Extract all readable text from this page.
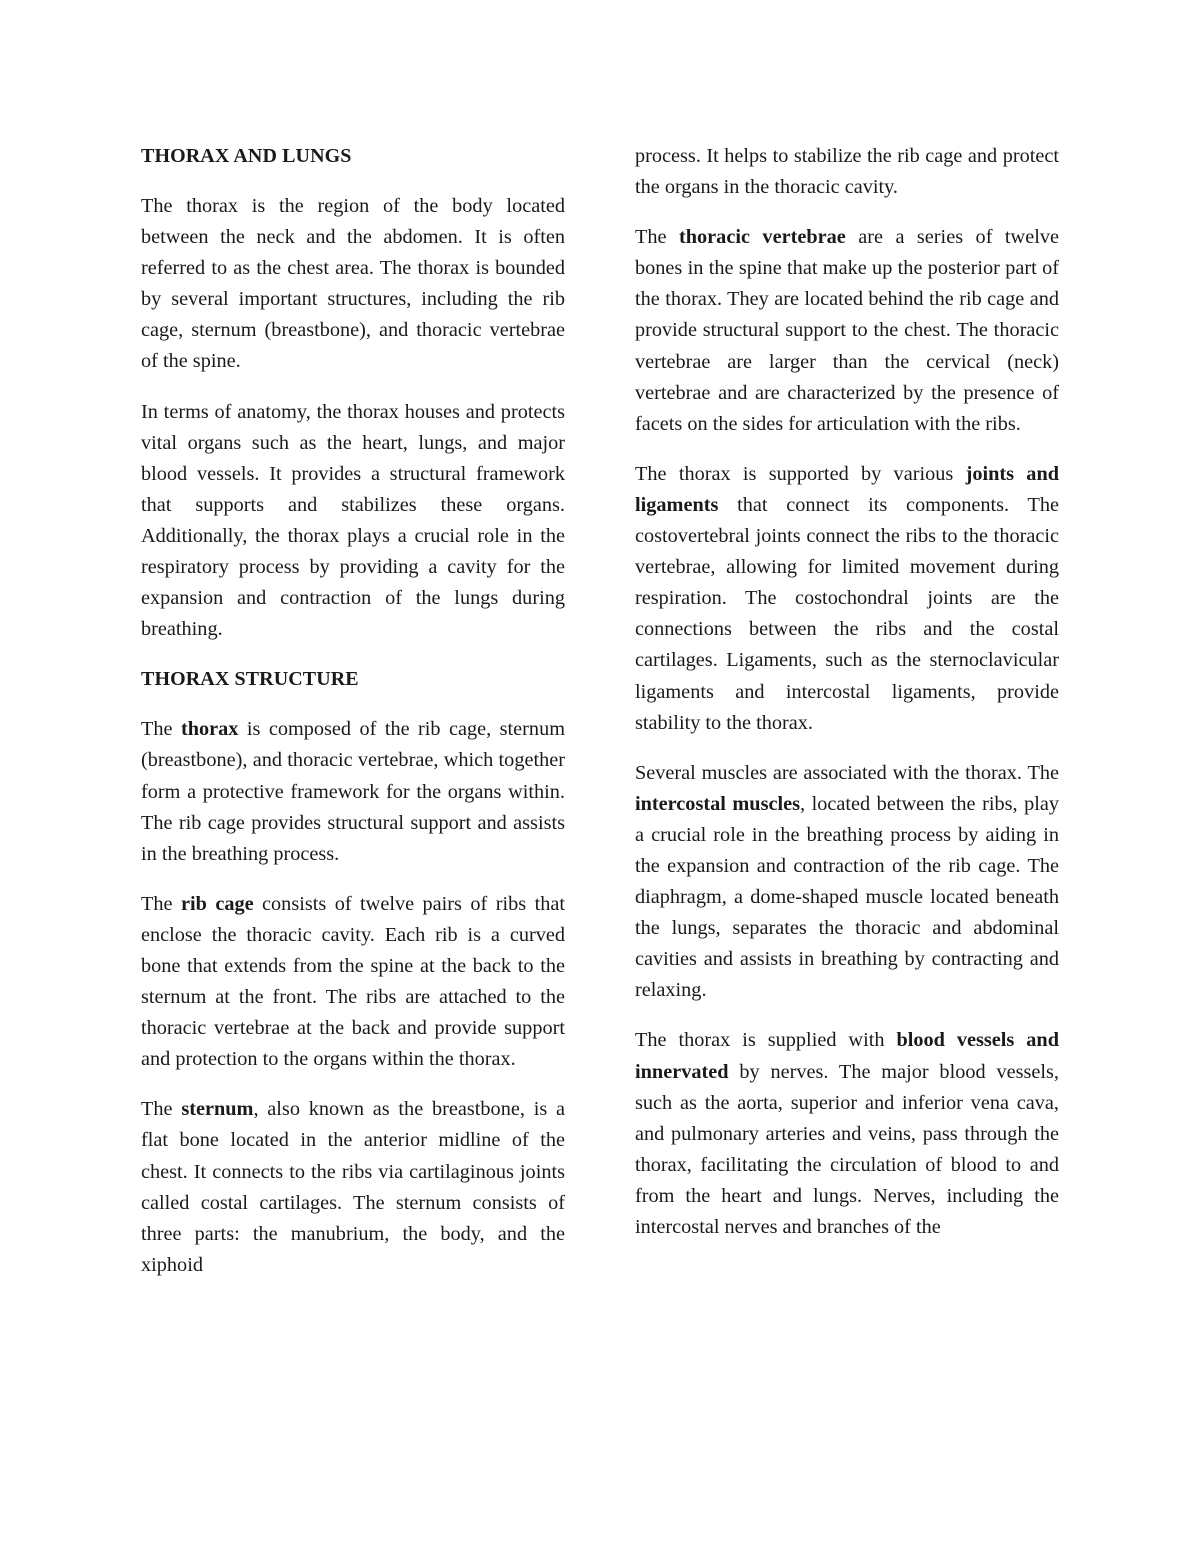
THORAX AND LUNGS

The thorax is the region of the body located between the neck and the abdomen. It is often referred to as the chest area. The thorax is bounded by several important structures, including the rib cage, sternum (breastbone), and thoracic vertebrae of the spine.

In terms of anatomy, the thorax houses and protects vital organs such as the heart, lungs, and major blood vessels. It provides a structural framework that supports and stabilizes these organs. Additionally, the thorax plays a crucial role in the respiratory process by providing a cavity for the expansion and contraction of the lungs during breathing.

THORAX STRUCTURE

The thorax is composed of the rib cage, sternum (breastbone), and thoracic vertebrae, which together form a protective framework for the organs within. The rib cage provides structural support and assists in the breathing process.

The rib cage consists of twelve pairs of ribs that enclose the thoracic cavity. Each rib is a curved bone that extends from the spine at the back to the sternum at the front. The ribs are attached to the thoracic vertebrae at the back and provide support and protection to the organs within the thorax.

The sternum, also known as the breastbone, is a flat bone located in the anterior midline of the chest. It connects to the ribs via cartilaginous joints called costal cartilages. The sternum consists of three parts: the manubrium, the body, and the xiphoid

process. It helps to stabilize the rib cage and protect the organs in the thoracic cavity.

The thoracic vertebrae are a series of twelve bones in the spine that make up the posterior part of the thorax. They are located behind the rib cage and provide structural support to the chest. The thoracic vertebrae are larger than the cervical (neck) vertebrae and are characterized by the presence of facets on the sides for articulation with the ribs.

The thorax is supported by various joints and ligaments that connect its components. The costovertebral joints connect the ribs to the thoracic vertebrae, allowing for limited movement during respiration. The costochondral joints are the connections between the ribs and the costal cartilages. Ligaments, such as the sternoclavicular ligaments and intercostal ligaments, provide stability to the thorax.

Several muscles are associated with the thorax. The intercostal muscles, located between the ribs, play a crucial role in the breathing process by aiding in the expansion and contraction of the rib cage. The diaphragm, a dome-shaped muscle located beneath the lungs, separates the thoracic and abdominal cavities and assists in breathing by contracting and relaxing.

The thorax is supplied with blood vessels and innervated by nerves. The major blood vessels, such as the aorta, superior and inferior vena cava, and pulmonary arteries and veins, pass through the thorax, facilitating the circulation of blood to and from the heart and lungs. Nerves, including the intercostal nerves and branches of the
